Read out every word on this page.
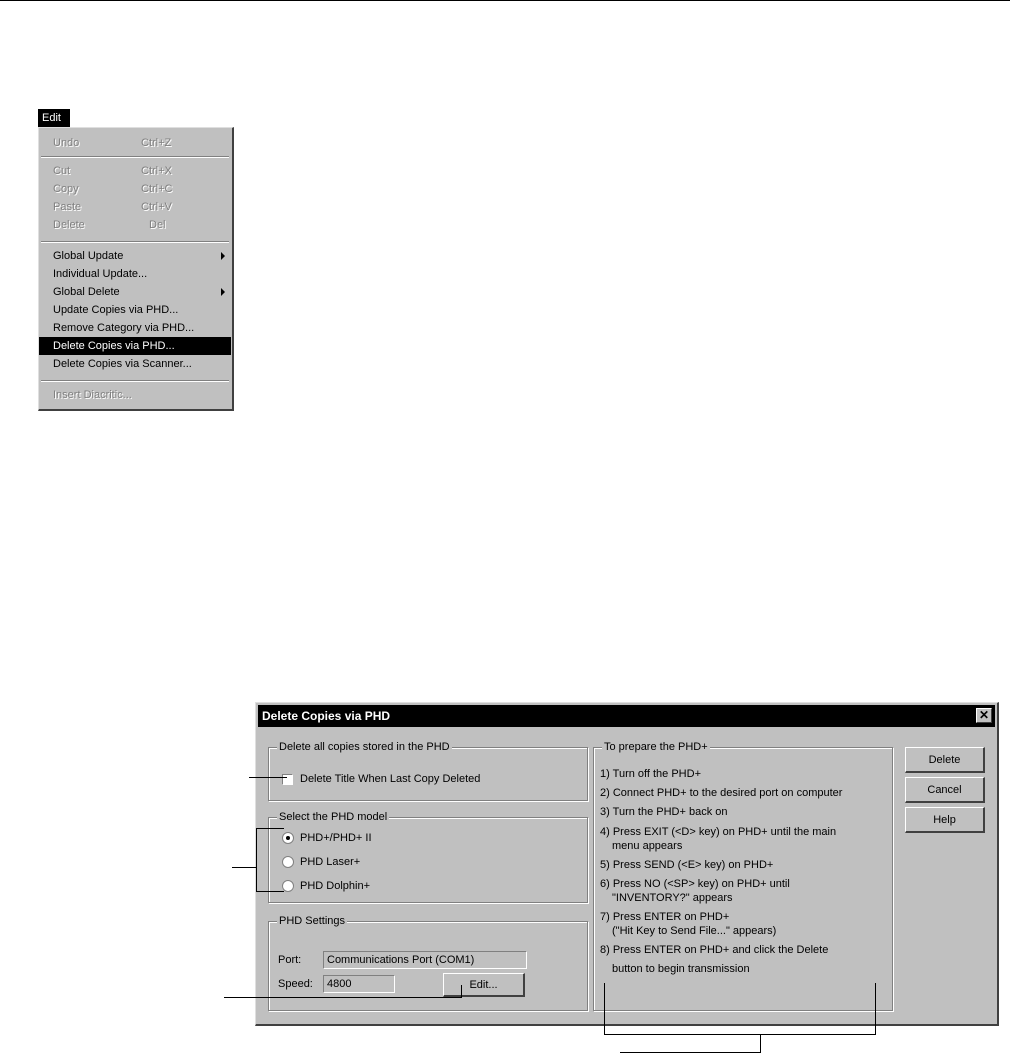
Edit
Undo	Ctrl+Z
Cut	Ctrl+X
Copy	Ctrl+C
Paste	Ctrl+V
Delete	Del
Global Update
Individual Update...
Global Delete
Update Copies via PHD...
Remove Category via PHD...
Delete Copies via PHD...
Delete Copies via Scanner...
Insert Diacritic...
Delete Copies via PHD	✕
Delete all copies stored in the PHD
Delete Title When Last Copy Deleted
Select the PHD model
PHD+/PHD+ II
PHD Laser+
PHD Dolphin+
PHD Settings
Port:	Communications Port (COM1)
Speed:	4800	Edit...
To prepare the PHD+
1) Turn off the PHD+
2) Connect PHD+ to the desired port on computer
3) Turn the PHD+ back on
4) Press EXIT (<D> key) on PHD+ until the main
menu appears
5) Press SEND (<E> key) on PHD+
6) Press NO (<SP> key) on PHD+ until
"INVENTORY?" appears
7) Press ENTER on PHD+
("Hit Key to Send File..." appears)
8) Press ENTER on PHD+ and click the Delete
button to begin transmission
Delete
Cancel
Help
